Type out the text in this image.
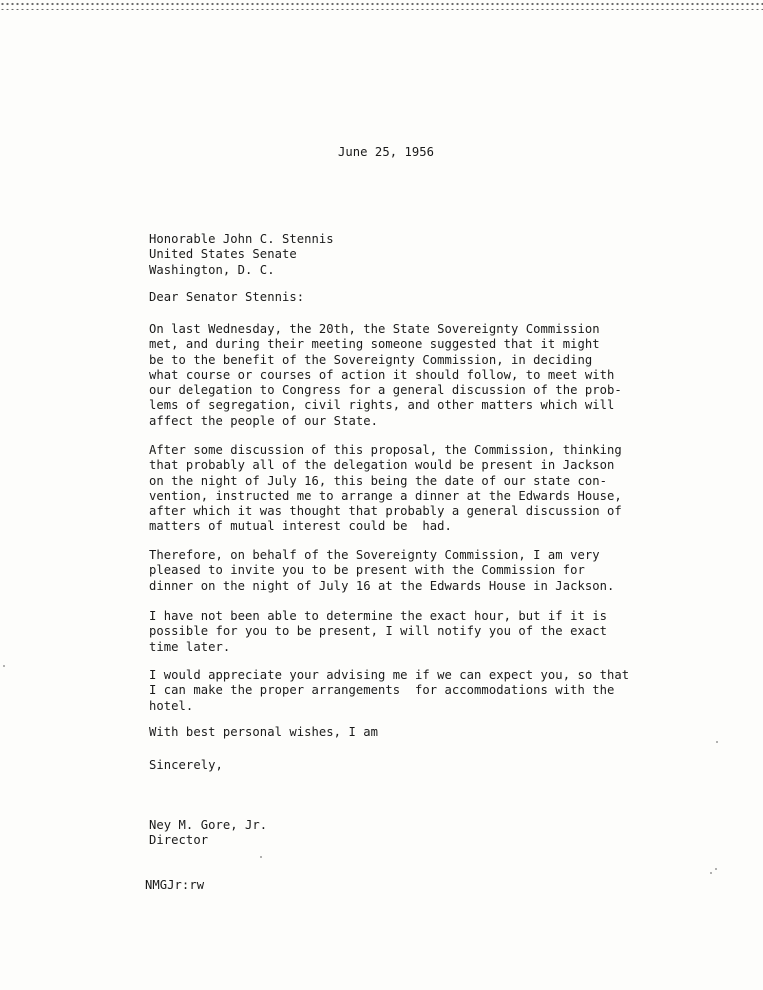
June 25, 1956
Honorable John C. Stennis
United States Senate
Washington, D. C.
Dear Senator Stennis:
On last Wednesday, the 20th, the State Sovereignty Commission
met, and during their meeting someone suggested that it might
be to the benefit of the Sovereignty Commission, in deciding
what course or courses of action it should follow, to meet with
our delegation to Congress for a general discussion of the prob-
lems of segregation, civil rights, and other matters which will
affect the people of our State.
After some discussion of this proposal, the Commission, thinking
that probably all of the delegation would be present in Jackson
on the night of July 16, this being the date of our state con-
vention, instructed me to arrange a dinner at the Edwards House,
after which it was thought that probably a general discussion of
matters of mutual interest could be  had.
Therefore, on behalf of the Sovereignty Commission, I am very
pleased to invite you to be present with the Commission for
dinner on the night of July 16 at the Edwards House in Jackson.
I have not been able to determine the exact hour, but if it is
possible for you to be present, I will notify you of the exact
time later.
I would appreciate your advising me if we can expect you, so that
I can make the proper arrangements  for accommodations with the
hotel.
With best personal wishes, I am
Sincerely,
Ney M. Gore, Jr.
Director
NMGJr:rw
